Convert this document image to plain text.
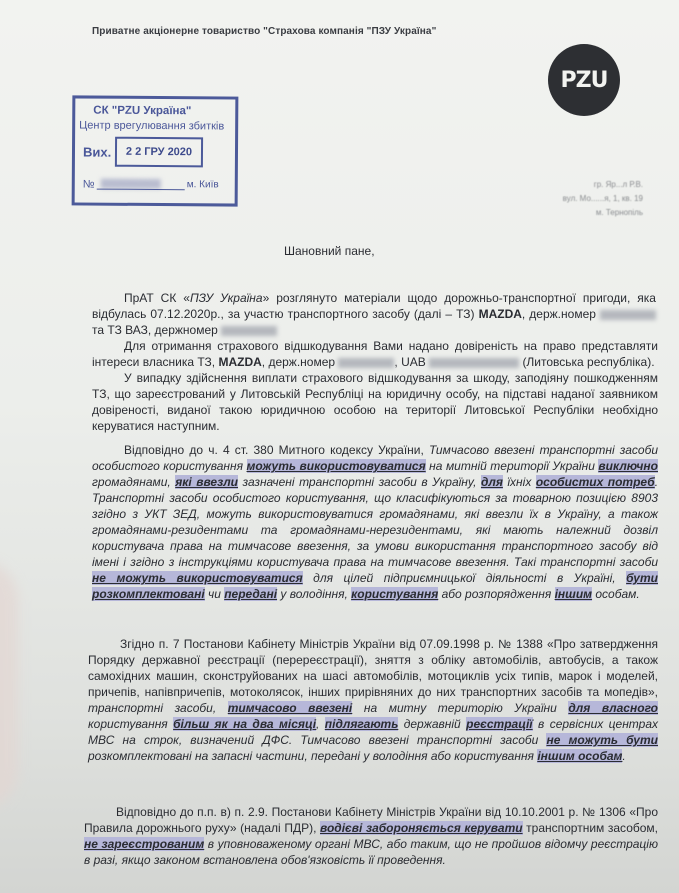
Приватне акціонерне товариство "Страхова компанія "ПЗУ Україна"
PZU
СК "PZU Україна"
Центр врегулювання збитків
Вих.	2 2 ГРУ 2020
№	м. Київ	гр. Яр...л Р.В.
вул. Мо......я, 1, кв. 19
м. Тернопіль
Шановний пане,
ПрАТ СК «ПЗУ Україна» розглянуто матеріали щодо дорожньо-транспортної пригоди, яка відбулась 07.12.2020р., за участю транспортного засобу (далі – ТЗ) MAZDA, держ.номер  та ТЗ ВАЗ, держномер
Для отримання страхового відшкодування Вами надано довіреність на право представляти інтереси власника ТЗ, MAZDA, держ.номер	, UAB	(Литовська республіка).
У випадку здійснення виплати страхового відшкодування за шкоду, заподіяну пошкодженням ТЗ, що зареєстрований у Литовській Республіці на юридичну особу, на підставі наданої заявником довіреності, виданої такою юридичною особою на території Литовської Республіки необхідно керуватися наступним.
Відповідно до ч. 4 ст. 380 Митного кодексу України, Тимчасово ввезені транспортні засоби особистого користування можуть використовуватися на митній території України виключно громадянами, які ввезли зазначені транспортні засоби в Україну, для їхніх особистих потреб. Транспортні засоби особистого користування, що класифікуються за товарною позицією 8903 згідно з УКТ ЗЕД, можуть використовуватися громадянами, які ввезли їх в Україну, а також громадянами-резидентами та громадянами-нерезидентами, які мають належний дозвіл користувача права на тимчасове ввезення, за умови використання транспортного засобу від імені і згідно з інструкціями користувача права на тимчасове ввезення. Такі транспортні засоби не можуть використовуватися для цілей підприємницької діяльності в Україні, бути розкомплектовані чи передані у володіння, користування або розпорядження іншим особам.
Згідно п. 7 Постанови Кабінету Міністрів України від 07.09.1998 р. № 1388 «Про затвердження Порядку державної реєстрації (перереєстрації), зняття з обліку автомобілів, автобусів, а також самохідних машин, сконструйованих на шасі автомобілів, мотоциклів усіх типів, марок і моделей, причепів, напівпричепів, мотоколясок, інших прирівняних до них транспортних засобів та мопедів», транспортні засоби, тимчасово ввезені на митну територію України для власного користування більш як на два місяці, підлягають державній реєстрації в сервісних центрах МВС на строк, визначений ДФС. Тимчасово ввезені транспортні засоби не можуть бути розкомплектовані на запасні частини, передані у володіння або користування іншим особам.
Відповідно до п.п. в) п. 2.9. Постанови Кабінету Міністрів України від 10.10.2001 р. № 1306 «Про Правила дорожнього руху» (надалі ПДР), водієві забороняється керувати транспортним засобом, не зареєстрованим в уповноваженому органі МВС, або таким, що не пройшов відомчу реєстрацію в разі, якщо законом встановлена обов'язковість її проведення.
